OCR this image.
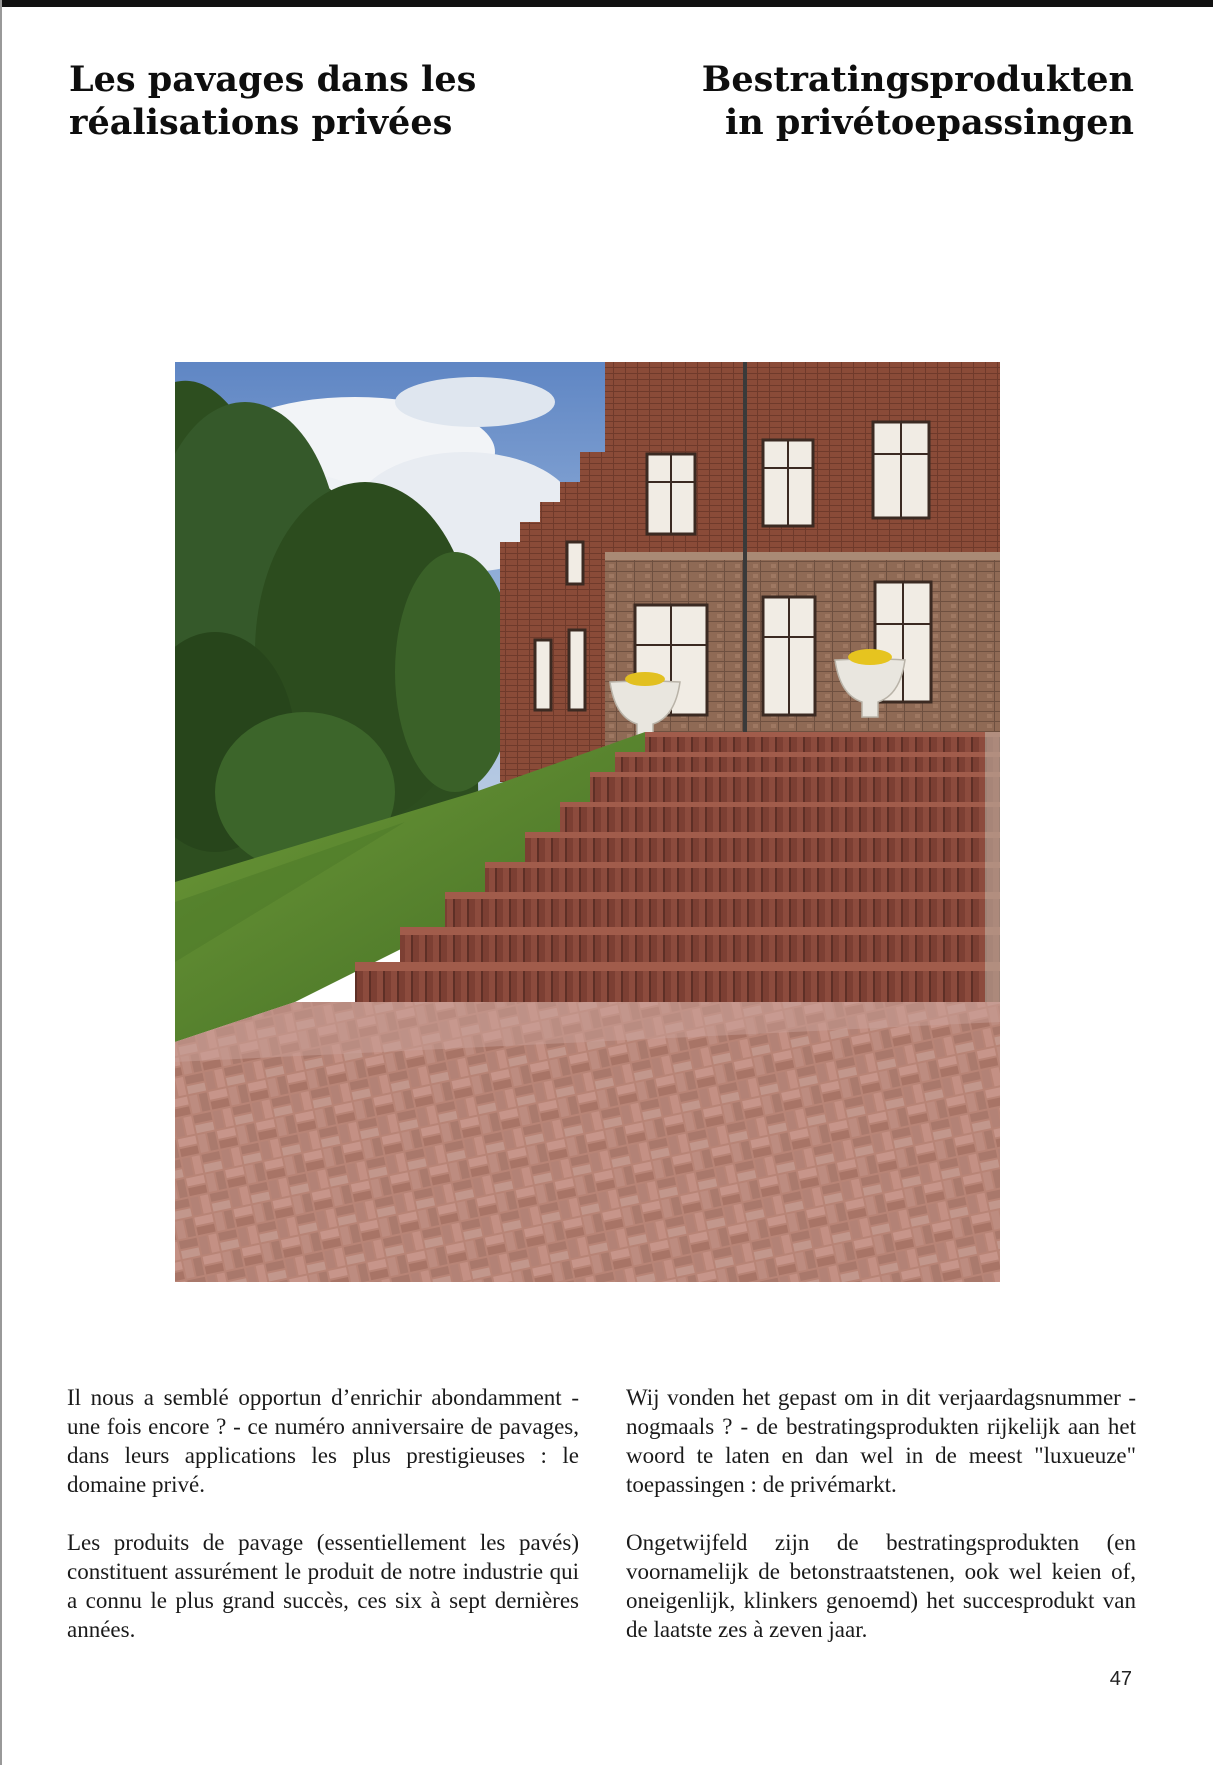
Les pavages dans les réalisations privées
Bestratingsprodukten in privétoepassingen

Il nous a semblé opportun d’enrichir abondamment - une fois encore ? - ce numéro anniversaire de pavages, dans leurs applications les plus prestigieuses : le domaine privé.

Les produits de pavage (essentiellement les pavés) constituent assurément le produit de notre industrie qui a connu le plus grand succès, ces six à sept dernières années.

Wij vonden het gepast om in dit verjaardagsnummer - nogmaals ? - de bestratingsprodukten rijkelijk aan het woord te laten en dan wel in de meest "luxueuze" toepassingen : de privémarkt.

Ongetwijfeld zijn de bestratingsprodukten (en voornamelijk de betonstraatstenen, ook wel keien of, oneigenlijk, klinkers genoemd) het succesprodukt van de laatste zes à zeven jaar.

47
